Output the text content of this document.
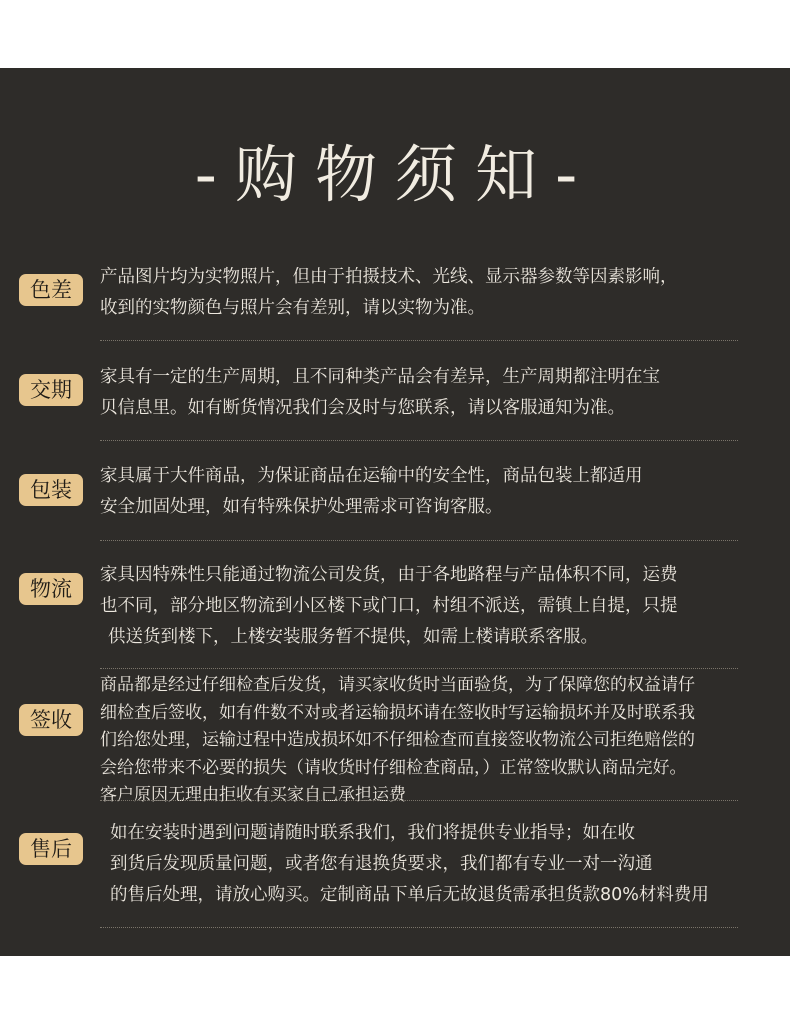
-购物须知-
色差
产品图片均为实物照片，但由于拍摄技术、光线、显示器参数等因素影响，
收到的实物颜色与照片会有差别，请以实物为准。
交期
家具有一定的生产周期，且不同种类产品会有差异，生产周期都注明在宝
贝信息里。如有断货情况我们会及时与您联系，请以客服通知为准。
包装
家具属于大件商品，为保证商品在运输中的安全性，商品包装上都适用
安全加固处理，如有特殊保护处理需求可咨询客服。
物流
家具因特殊性只能通过物流公司发货，由于各地路程与产品体积不同，运费
也不同，部分地区物流到小区楼下或门口，村组不派送，需镇上自提，只提
供送货到楼下，上楼安装服务暂不提供，如需上楼请联系客服。
签收
商品都是经过仔细检查后发货，请买家收货时当面验货，为了保障您的权益请仔
细检查后签收，如有件数不对或者运输损坏请在签收时写运输损坏并及时联系我
们给您处理，运输过程中造成损坏如不仔细检查而直接签收物流公司拒绝赔偿的
会给您带来不必要的损失（请收货时仔细检查商品，）正常签收默认商品完好。
客户原因无理由拒收有买家自己承担运费
售后
如在安装时遇到问题请随时联系我们，我们将提供专业指导；如在收
到货后发现质量问题，或者您有退换货要求，我们都有专业一对一沟通
的售后处理，请放心购买。定制商品下单后无故退货需承担货款80%材料费用
